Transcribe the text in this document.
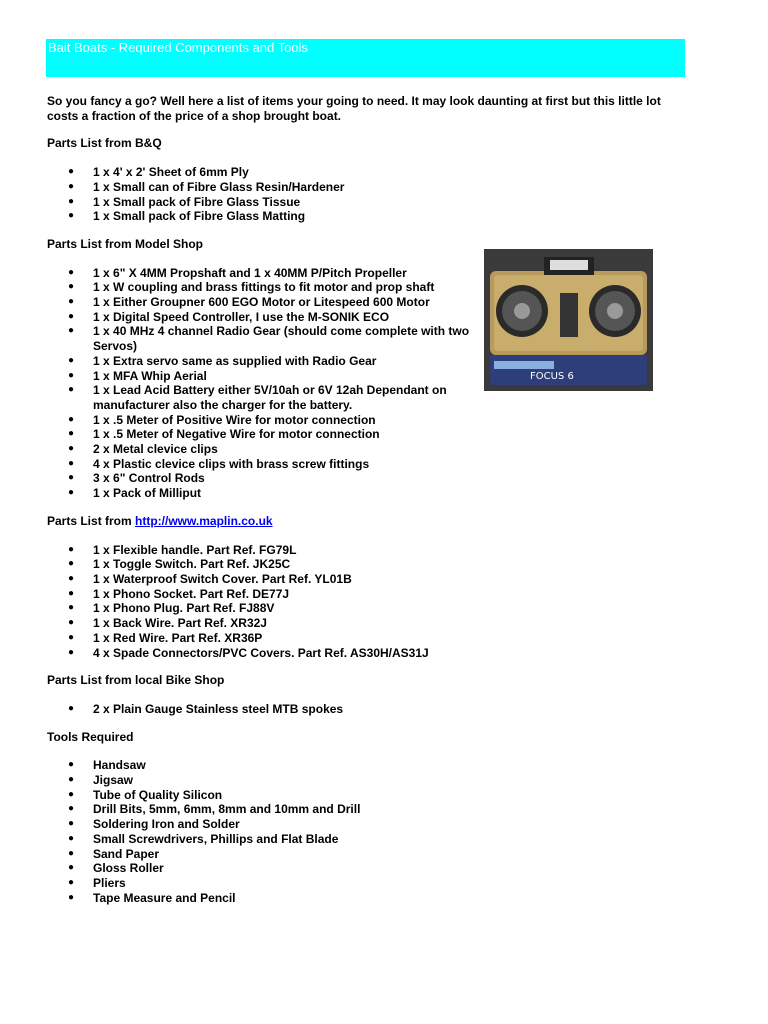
Bait Boats - Required Components and Tools

So you fancy a go? Well here a list of items your going to need. It may look daunting at first but this little lot costs a fraction of the price of a shop brought boat.

Parts List from B&Q
● 1 x 4' x 2' Sheet of 6mm Ply
● 1 x Small can of Fibre Glass Resin/Hardener
● 1 x Small pack of Fibre Glass Tissue
● 1 x Small pack of Fibre Glass Matting
Parts List from Model Shop
● 1 x 6" X 4MM Propshaft and 1 x 40MM P/Pitch Propeller
● 1 x W coupling and brass fittings to fit motor and prop shaft
● 1 x Either Groupner 600 EGO Motor or Litespeed 600 Motor
● 1 x Digital Speed Controller, I use the M-SONIK ECO
● 1 x 40 MHz 4 channel Radio Gear (should come complete with two Servos)
● 1 x Extra servo same as supplied with Radio Gear
● 1 x MFA Whip Aerial
● 1 x Lead Acid Battery either 5V/10ah or 6V 12ah Dependant on manufacturer also the charger for the battery.
● 1 x .5 Meter of Positive Wire for motor connection
● 1 x .5 Meter of Negative Wire for motor connection
● 2 x Metal clevice clips
● 4 x Plastic clevice clips with brass screw fittings
● 3 x 6" Control Rods
● 1 x Pack of Milliput
Parts List from http://www.maplin.co.uk
● 1 x Flexible handle. Part Ref. FG79L
● 1 x Toggle Switch. Part Ref. JK25C
● 1 x Waterproof Switch Cover. Part Ref. YL01B
● 1 x Phono Socket. Part Ref. DE77J
● 1 x Phono Plug. Part Ref. FJ88V
● 1 x Back Wire. Part Ref. XR32J
● 1 x Red Wire. Part Ref. XR36P
● 4 x Spade Connectors/PVC Covers. Part Ref. AS30H/AS31J
Parts List from local Bike Shop
● 2 x Plain Gauge Stainless steel MTB spokes
Tools Required
● Handsaw
● Jigsaw
● Tube of Quality Silicon
● Drill Bits, 5mm, 6mm, 8mm and 10mm and Drill
● Soldering Iron and Solder
● Small Screwdrivers, Phillips and Flat Blade
● Sand Paper
● Gloss Roller
● Pliers
● Tape Measure and Pencil
FOCUS 6
